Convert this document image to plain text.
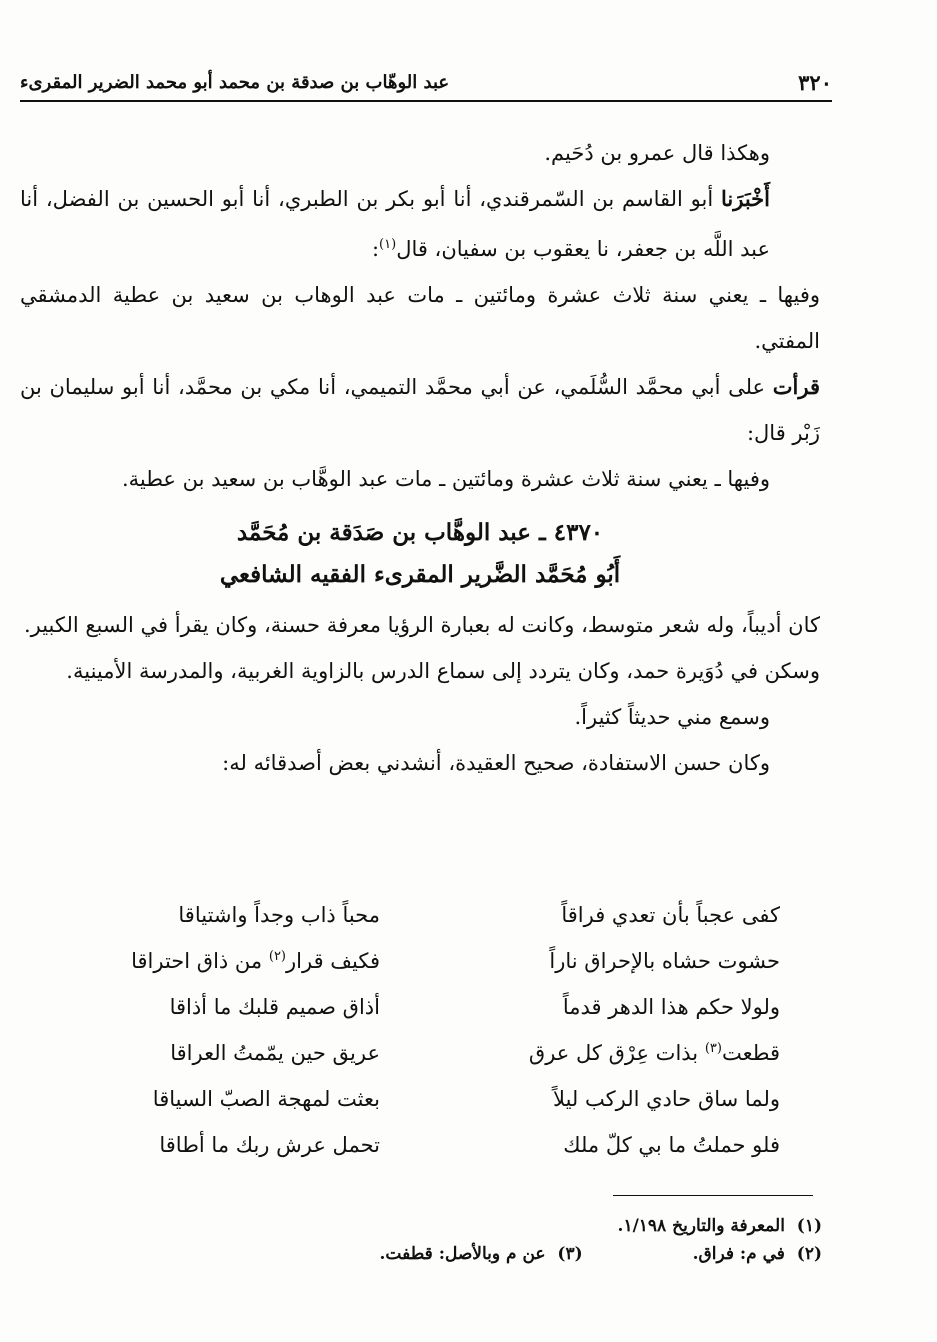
٣٢٠
عبد الوهّاب بن صدقة بن محمد أبو محمد الضرير المقرىء

وهكذا قال عمرو بن دُحَيم.

أَخْبَرَنا أبو القاسم بن السّمرقندي، أنا أبو بكر بن الطبري، أنا أبو الحسين بن الفضل، أنا عبد اللَّه بن جعفر، نا يعقوب بن سفيان، قال$^{(١)}$:

وفيها ـ يعني سنة ثلاث عشرة ومائتين ـ مات عبد الوهاب بن سعيد بن عطية الدمشقي المفتي.

قرأت على أبي محمَّد السُّلَمي، عن أبي محمَّد التميمي، أنا مكي بن محمَّد، أنا أبو سليمان بن زَبْر قال:

وفيها ـ يعني سنة ثلاث عشرة ومائتين ـ مات عبد الوهَّاب بن سعيد بن عطية.

٤٣٧٠ ـ عبد الوهَّاب بن صَدَقة بن مُحَمَّد
أَبُو مُحَمَّد الضَّرير المقرىء الفقيه الشافعي

كان أديباً، وله شعر متوسط، وكانت له بعبارة الرؤيا معرفة حسنة، وكان يقرأ في السبع الكبير.

وسكن في دُوَيرة حمد، وكان يتردد إلى سماع الدرس بالزاوية الغربية، والمدرسة الأمينية.

وسمع مني حديثاً كثيراً.

وكان حسن الاستفادة، صحيح العقيدة، أنشدني بعض أصدقائه له:

كفى عجباً بأن تعدي فراقاً
محباً ذاب وجداً واشتياقا
حشوت حشاه بالإحراق ناراً
فكيف قرار$^{(٢)}$ من ذاق احتراقا
ولولا حكم هذا الدهر قدماً
أذاق صميم قلبك ما أذاقا
قطعت$^{(٣)}$ بذات عِرْق كل عرق
عريق حين يمّمتُ العراقا
ولما ساق حادي الركب ليلاً
بعثت لمهجة الصبّ السياقا
فلو حملتُ ما بي كلّ ملك
تحمل عرش ربك ما أطاقا
(١)

المعرفة والتاريخ ١/١٩٨.
(٢)

في م: فراق.
(٣)

عن م وبالأصل: قطفت.
